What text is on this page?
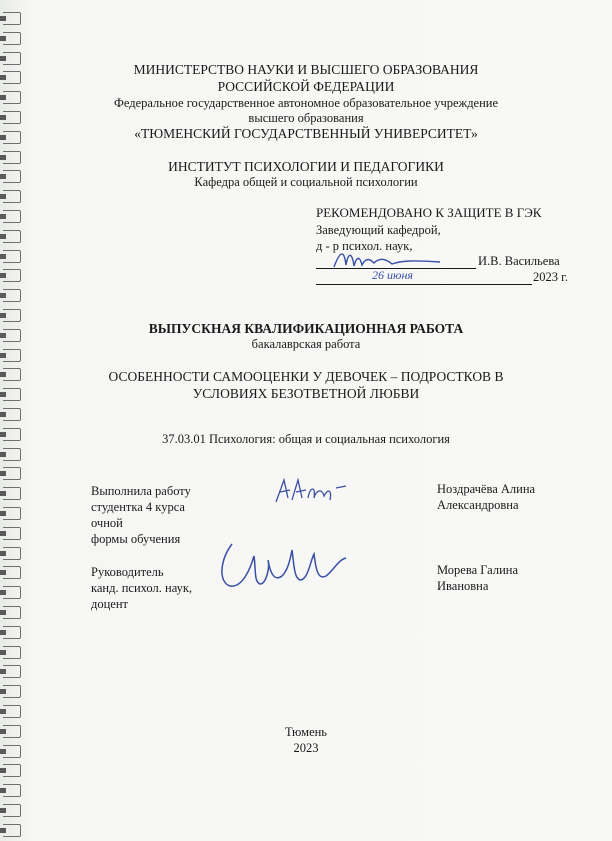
МИНИСТЕРСТВО НАУКИ И ВЫСШЕГО ОБРАЗОВАНИЯ
РОССИЙСКОЙ ФЕДЕРАЦИИ
Федеральное государственное автономное образовательное учреждение
высшего образования
«ТЮМЕНСКИЙ ГОСУДАРСТВЕННЫЙ УНИВЕРСИТЕТ»
ИНСТИТУТ ПСИХОЛОГИИ И ПЕДАГОГИКИ
Кафедра общей и социальной психологии
РЕКОМЕНДОВАНО К ЗАЩИТЕ В ГЭК
Заведующий кафедрой,
д - р психол. наук,
И.В. Васильева
26 июня	2023 г.
ВЫПУСКНАЯ КВАЛИФИКАЦИОННАЯ РАБОТА
бакалаврская работа
ОСОБЕННОСТИ САМООЦЕНКИ У ДЕВОЧЕК – ПОДРОСТКОВ В
УСЛОВИЯХ БЕЗОТВЕТНОЙ ЛЮБВИ
37.03.01 Психология: общая и социальная психология
Выполнила работу
студентка 4 курса
очной
формы обучения
Ноздрачёва Алина
Александровна
Руководитель
канд. психол. наук,
доцент
Морева Галина
Ивановна
Тюмень
2023
